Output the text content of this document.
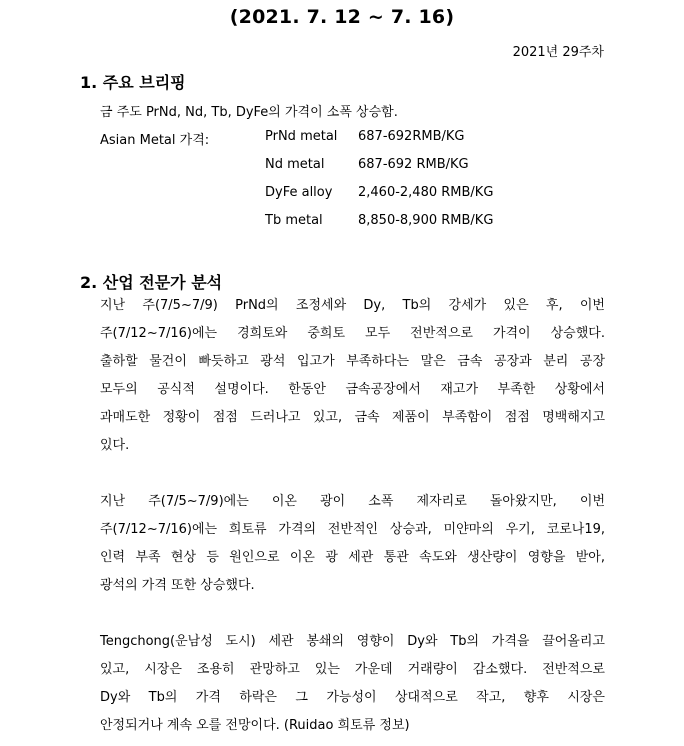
(2021. 7. 12 ~ 7. 16)
2021년 29주차
1. 주요 브리핑
금 주도 PrNd, Nd, Tb, DyFe의 가격이 소폭 상승함.
Asian Metal 가격:	PrNd metal 687-692RMB/KG
Nd metal	687-692 RMB/KG
DyFe alloy 2,460-2,480 RMB/KG
Tb metal	8,850-8,900 RMB/KG
2. 산업 전문가 분석
지난 주(7/5~7/9) PrNd의 조정세와 Dy, Tb의 강세가 있은 후, 이번
주(7/12~7/16)에는 경희토와 중희토 모두 전반적으로 가격이 상승했다.
출하할 물건이 빠듯하고 광석 입고가 부족하다는 말은 금속 공장과 분리 공장
모두의 공식적 설명이다. 한동안 금속공장에서 재고가 부족한 상황에서
과매도한 정황이 점점 드러나고 있고, 금속 제품이 부족함이 점점 명백해지고
있다.
지난 주(7/5~7/9)에는 이온 광이 소폭 제자리로 돌아왔지만, 이번
주(7/12~7/16)에는 희토류 가격의 전반적인 상승과, 미얀마의 우기, 코로나19,
인력 부족 현상 등 원인으로 이온 광 세관 통관 속도와 생산량이 영향을 받아,
광석의 가격 또한 상승했다.
Tengchong(운남성 도시) 세관 봉쇄의 영향이 Dy와 Tb의 가격을 끌어올리고
있고, 시장은 조용히 관망하고 있는 가운데 거래량이 감소했다. 전반적으로
Dy와 Tb의 가격 하락은 그 가능성이 상대적으로 작고, 향후 시장은
안정되거나 계속 오를 전망이다. (Ruidao 희토류 정보)
